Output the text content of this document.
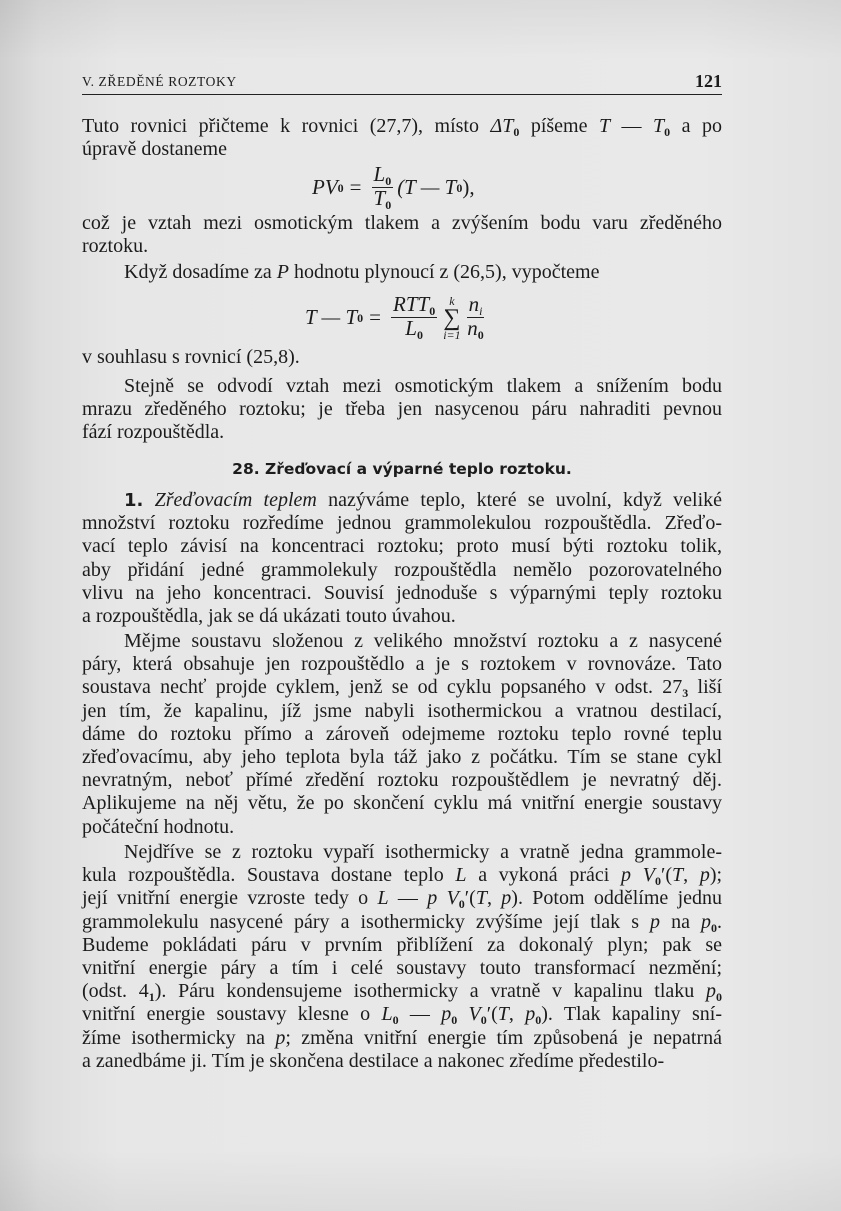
V. ZŘEDĚNÉ ROZTOKY	121
Tuto rovnici přičteme k rovnici (27,7), místo $\Delta T_0$ píšeme T — $T_0$ a po
úpravě dostaneme
PV $0 = \frac{L_0}{T_0} (T$ — T 0 ),
což je vztah mezi osmotickým tlakem a zvýšením bodu varu zředěného
roztoku.
Když dosadíme za P hodnotu plynoucí z (26,5), vypočteme
T — T $0 = \frac{RTT_0}{L_0}$ k
∑
$i=1 \frac{n_i}{n_0}$
v souhlasu s rovnicí (25,8).
Stejně se odvodí vztah mezi osmotickým tlakem a snížením bodu
mrazu zředěného roztoku; je třeba jen nasycenou páru nahraditi pevnou
fází rozpouštědla.
28. Zřeďovací a výparné teplo roztoku.
1. Zřeďovacím teplem nazýváme teplo, které se uvolní, když veliké
množství roztoku rozředíme jednou grammolekulou rozpouštědla. Zřeďo-
vací teplo závisí na koncentraci roztoku; proto musí býti roztoku tolik,
aby přidání jedné grammolekuly rozpouštědla nemělo pozorovatelného
vlivu na jeho koncentraci. Souvisí jednoduše s výparnými teply roztoku
a rozpouštědla, jak se dá ukázati touto úvahou.
Mějme soustavu složenou z velikého množství roztoku a z nasycené
páry, která obsahuje jen rozpouštědlo a je s roztokem v rovnováze. Tato
soustava nechť projde cyklem, jenž se od cyklu popsaného v odst. $27_3$ liší
jen tím, že kapalinu, jíž jsme nabyli isothermickou a vratnou destilací,
dáme do roztoku přímo a zároveň odejmeme roztoku teplo rovné teplu
zřeďovacímu, aby jeho teplota byla táž jako z počátku. Tím se stane cykl
nevratným, neboť přímé zředění roztoku rozpouštědlem je nevratný děj.
Aplikujeme na něj větu, že po skončení cyklu má vnitřní energie soustavy
počáteční hodnotu.
Nejdříve se z roztoku vypaří isothermicky a vratně jedna grammole-
kula rozpouštědla. Soustava dostane teplo L a vykoná práci p $V_0'(T$, p);
její vnitřní energie vzroste tedy o L — p $V_0'(T$, p). Potom oddělíme jednu
grammolekulu nasycené páry a isothermicky zvýšíme její tlak s p na $p_0$.
Budeme pokládati páru v prvním přiblížení za dokonalý plyn; pak se
vnitřní energie páry a tím i celé soustavy touto transformací nezmění;
(odst. $4_1$). Páru kondensujeme isothermicky a vratně v kapalinu tlaku $p_0$
vnitřní energie soustavy klesne o $L_0$ — $p_0$ $V_0'(T$, $p_0$). Tlak kapaliny sní-
žíme isothermicky na p; změna vnitřní energie tím způsobená je nepatrná
a zanedbáme ji. Tím je skončena destilace a nakonec zředíme předestilo-
